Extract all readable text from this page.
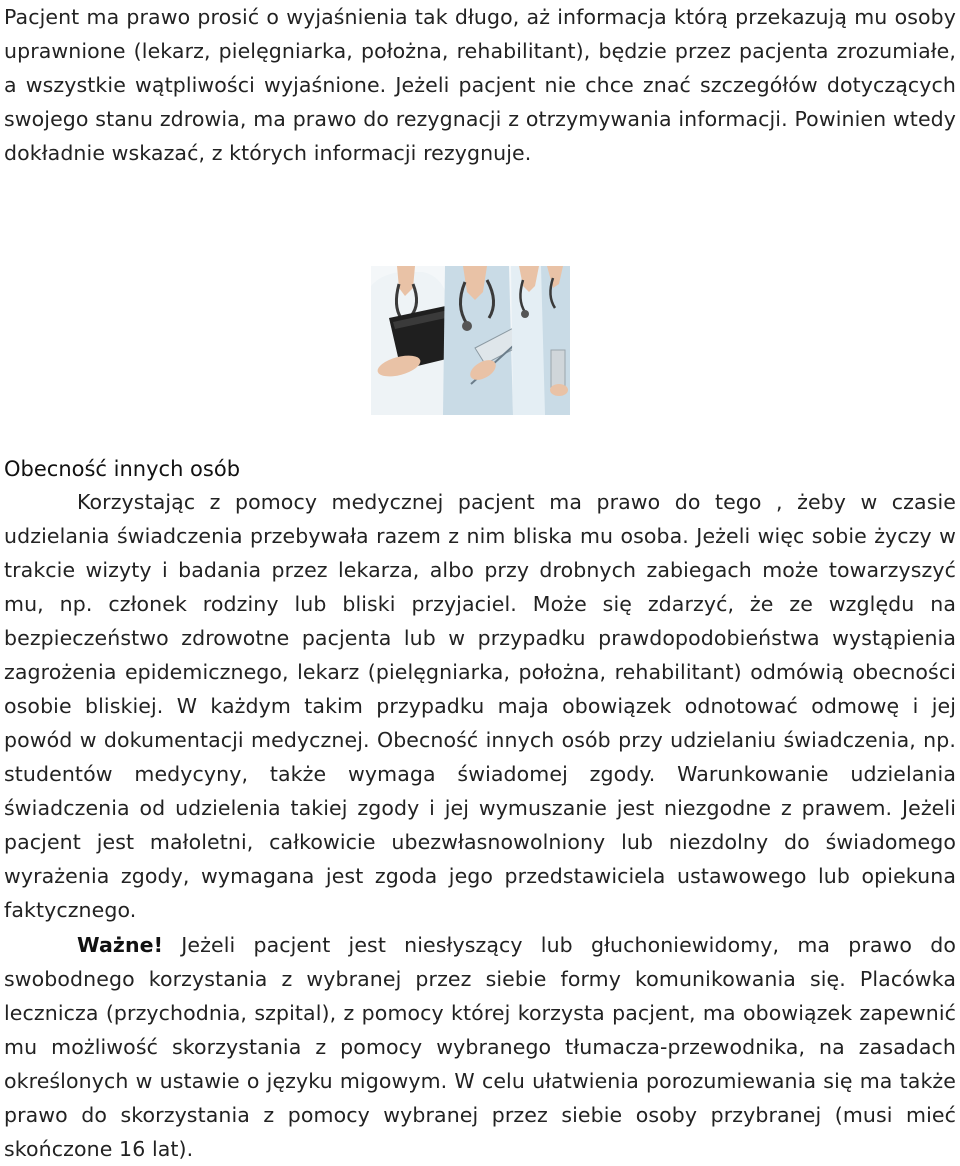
Pacjent ma prawo prosić o wyjaśnienia tak długo, aż informacja którą przekazują mu osoby uprawnione (lekarz, pielęgniarka, położna, rehabilitant), będzie przez pacjenta zrozumiałe, a wszystkie wątpliwości wyjaśnione. Jeżeli pacjent nie chce znać szczegółów dotyczących swojego stanu zdrowia, ma prawo do rezygnacji z otrzymywania informacji. Powinien wtedy dokładnie wskazać, z których informacji rezygnuje.

Obecność innych osób

Korzystając z pomocy medycznej pacjent ma prawo do tego , żeby w czasie udzielania świadczenia przebywała razem z nim bliska mu osoba. Jeżeli więc sobie życzy w trakcie wizyty i badania przez lekarza, albo przy drobnych zabiegach może towarzyszyć mu, np. członek rodziny lub bliski przyjaciel. Może się zdarzyć, że ze względu na bezpieczeństwo zdrowotne pacjenta lub w przypadku prawdopodobieństwa wystąpienia zagrożenia epidemicznego, lekarz (pielęgniarka, położna, rehabilitant) odmówią obecności osobie bliskiej. W każdym takim przypadku maja obowiązek odnotować odmowę i jej powód w dokumentacji medycznej. Obecność innych osób przy udzielaniu świadczenia, np. studentów medycyny, także wymaga świadomej zgody. Warunkowanie udzielania świadczenia od udzielenia takiej zgody i jej wymuszanie jest niezgodne z prawem. Jeżeli pacjent jest małoletni, całkowicie ubezwłasnowolniony lub niezdolny do świadomego wyrażenia zgody, wymagana jest zgoda jego przedstawiciela ustawowego lub opiekuna faktycznego.

Ważne! Jeżeli pacjent jest niesłyszący lub głuchoniewidomy, ma prawo do swobodnego korzystania z wybranej przez siebie formy komunikowania się. Placówka lecznicza (przychodnia, szpital), z pomocy której korzysta pacjent, ma obowiązek zapewnić mu możliwość skorzystania z pomocy wybranego tłumacza-przewodnika, na zasadach określonych w ustawie o języku migowym. W celu ułatwienia porozumiewania się ma także prawo do skorzystania z pomocy wybranej przez siebie osoby przybranej (musi mieć skończone 16 lat).
